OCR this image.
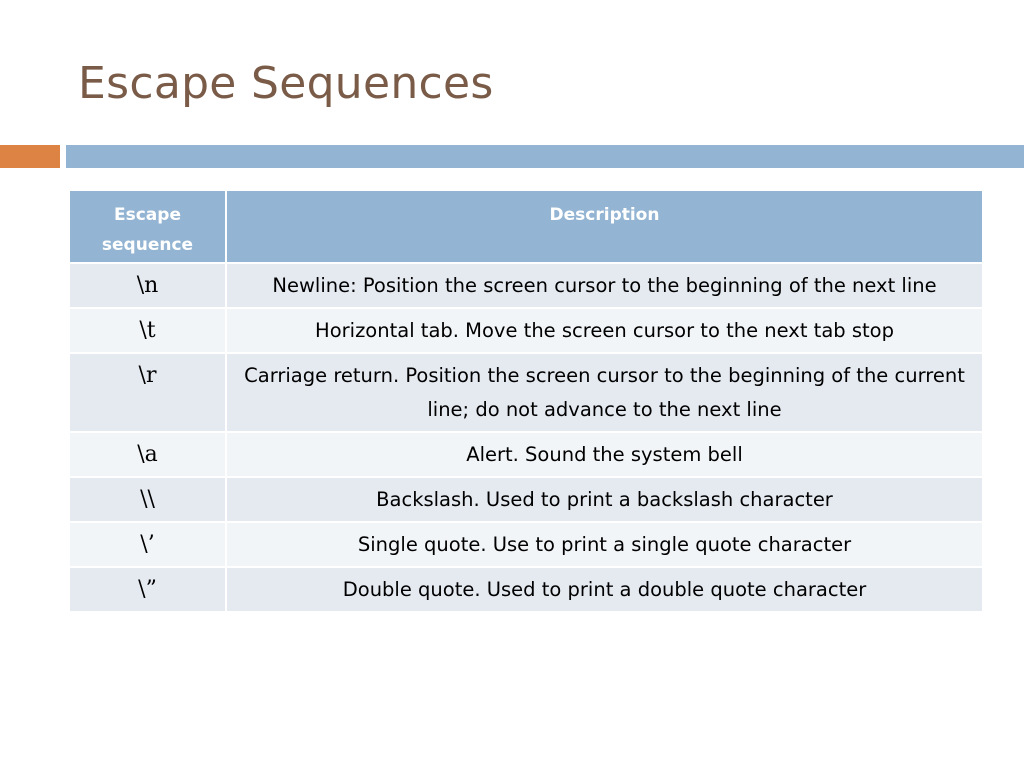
Escape Sequences
Escape sequence	Description
\n	Newline: Position the screen cursor to the beginning of the next line
\t	Horizontal tab. Move the screen cursor to the next tab stop
\r	Carriage return. Position the screen cursor to the beginning of the current line; do not advance to the next line
\a	Alert. Sound the system bell
\\	Backslash. Used to print a backslash character
\’	Single quote. Use to print a single quote character
\”	Double quote. Used to print a double quote character
